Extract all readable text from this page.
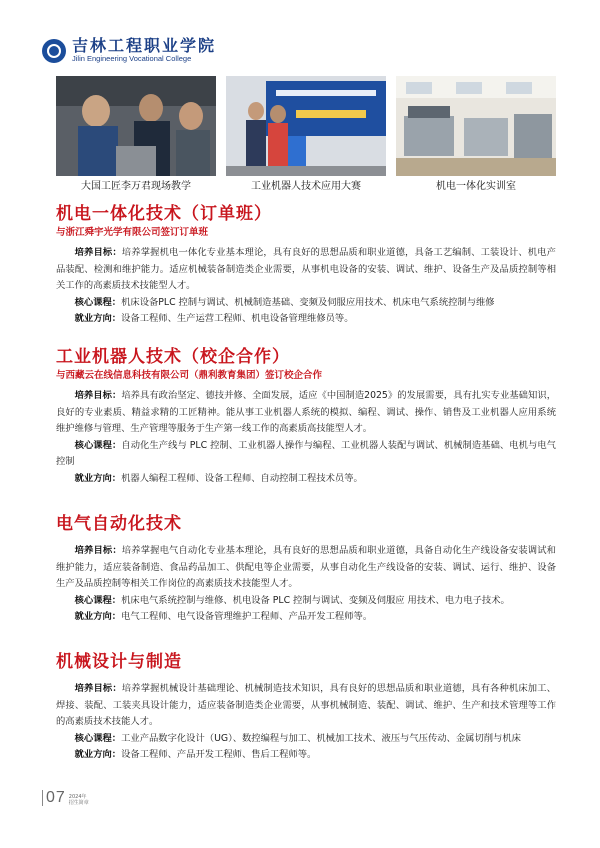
吉林工程职业学院
Jilin Engineering Vocational College
大国工匠李万君现场教学	工业机器人技术应用大赛	机电一体化实训室
机电一体化技术（订单班）
与浙江舜宇光学有限公司签订订单班
培养目标：培养掌握机电一体化专业基本理论，具有良好的思想品质和职业道德，具备工艺编制、工装设计、机电产品装配、检测和维护能力。适应机械装备制造类企业需要，从事机电设备的安装、调试、维护、设备生产及品质控制等相关工作的高素质技术技能型人才。
核心课程：机床设备PLC 控制与调试、机械制造基础、变频及伺服应用技术、机床电气系统控制与维修
就业方向：设备工程师、生产运营工程师、机电设备管理维修员等。
工业机器人技术（校企合作）
与西藏云在线信息科技有限公司（鼎利教育集团）签订校企合作
培养目标：培养具有政治坚定、德技并修、全面发展，适应《中国制造2025》的发展需要，具有扎实专业基础知识，良好的专业素质、精益求精的工匠精神。能从事工业机器人系统的模拟、编程、调试、操作、销售及工业机器人应用系统维护维修与管理、生产管理等服务于生产第一线工作的高素质高技能型人才。
核心课程：自动化生产线与 PLC 控制、工业机器人操作与编程、工业机器人装配与调试、机械制造基础、电机与电气控制
就业方向：机器人编程工程师、设备工程师、自动控制工程技术员等。
电气自动化技术
培养目标：培养掌握电气自动化专业基本理论，具有良好的思想品质和职业道德，具备自动化生产线设备安装调试和维护能力，适应装备制造、食品药品加工、供配电等企业需要，从事自动化生产线设备的安装、调试、运行、维护、设备生产及品质控制等相关工作岗位的高素质技术技能型人才。
核心课程：机床电气系统控制与维修、机电设备 PLC 控制与调试、变频及伺服应 用技术、电力电子技术。
就业方向：电气工程师、电气设备管理维护工程师、产品开发工程师等。
机械设计与制造
培养目标：培养掌握机械设计基础理论、机械制造技术知识，具有良好的思想品质和职业道德，具有各种机床加工、焊接、装配、工装夹具设计能力，适应装备制造类企业需要，从事机械制造、装配、调试、维护、生产和技术管理等工作的高素质技术技能人才。
核心课程：工业产品数字化设计（UG）、数控编程与加工、机械加工技术、液压与气压传动、金属切削与机床
就业方向：设备工程师、产品开发工程师、售后工程师等。
07 2024年
招生简章
